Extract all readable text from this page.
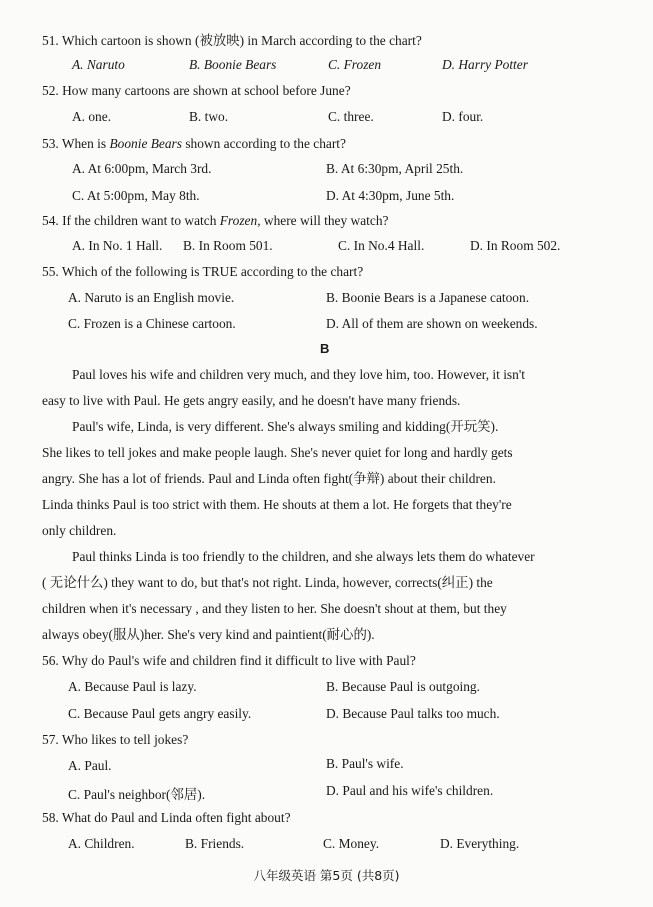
51. Which cartoon is shown (被放映) in March according to the chart?
A. Naruto	B. Boonie Bears	C. Frozen	D. Harry Potter
52. How many cartoons are shown at school before June?
A. one.	B. two.	C. three.	D. four.
53. When is Boonie Bears shown according to the chart?
A. At 6:00pm, March 3rd.	B. At 6:30pm, April 25th.
C. At 5:00pm, May 8th.	D. At 4:30pm, June 5th.
54. If the children want to watch Frozen, where will they watch?
A. In No. 1 Hall. B. In Room 501.	C. In No.4 Hall.	D. In Room 502.
55. Which of the following is TRUE according to the chart?
A. Naruto is an English movie.	B. Boonie Bears is a Japanese catoon.
C. Frozen is a Chinese cartoon.	D. All of them are shown on weekends.
B
Paul loves his wife and children very much, and they love him, too. However, it isn't
easy to live with Paul. He gets angry easily, and he doesn't have many friends.
Paul's wife, Linda, is very different. She's always smiling and kidding(开玩笑).
She likes to tell jokes and make people laugh. She's never quiet for long and hardly gets
angry. She has a lot of friends. Paul and Linda often fight(争辩) about their children.
Linda thinks Paul is too strict with them. He shouts at them a lot. He forgets that they're
only children.
Paul thinks Linda is too friendly to the children, and she always lets them do whatever
( 无论什么) they want to do, but that's not right. Linda, however, corrects(纠正) the
children when it's necessary , and they listen to her. She doesn't shout at them, but they
always obey(服从)her. She's very kind and paintient(耐心的).
56. Why do Paul's wife and children find it difficult to live with Paul?
A. Because Paul is lazy.	B. Because Paul is outgoing.
C. Because Paul gets angry easily.	D. Because Paul talks too much.
57. Who likes to tell jokes?
A. Paul.	B. Paul's wife.
C. Paul's neighbor(邻居).	D. Paul and his wife's children.
58. What do Paul and Linda often fight about?
A. Children.	B. Friends.	C. Money.	D. Everything.
八年级英语 第5页 (共8页)
